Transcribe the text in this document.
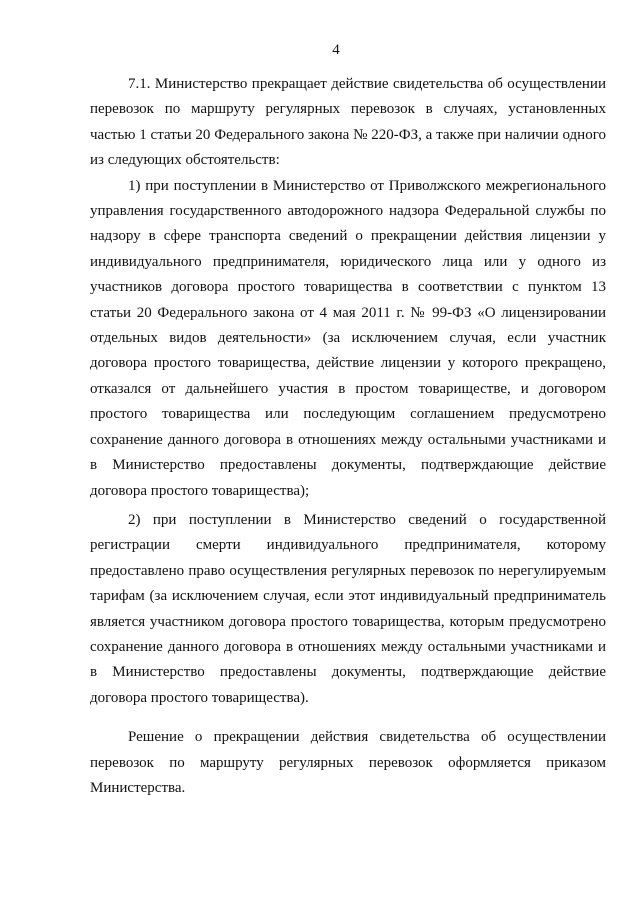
4

7.1. Министерство прекращает действие свидетельства об осуществлении перевозок по маршруту регулярных перевозок в случаях, установленных частью 1 статьи 20 Федерального закона № 220-ФЗ, а также при наличии одного из следующих обстоятельств:

1) при поступлении в Министерство от Приволжского межрегионального управления государственного автодорожного надзора Федеральной службы по надзору в сфере транспорта сведений о прекращении действия лицензии у индивидуального предпринимателя, юридического лица или у одного из участников договора простого товарищества в соответствии с пунктом 13 статьи 20 Федерального закона от 4 мая 2011 г. № 99-ФЗ «О лицензировании отдельных видов деятельности» (за исключением случая, если участник договора простого товарищества, действие лицензии у которого прекращено, отказался от дальнейшего участия в простом товариществе, и договором простого товарищества или последующим соглашением предусмотрено сохранение данного договора в отношениях между остальными участниками и в Министерство предоставлены документы, подтверждающие действие договора простого товарищества);

2) при поступлении в Министерство сведений о государственной регистрации смерти индивидуального предпринимателя, которому предоставлено право осуществления регулярных перевозок по нерегулируемым тарифам (за исключением случая, если этот индивидуальный предприниматель является участником договора простого товарищества, которым предусмотрено сохранение данного договора в отношениях между остальными участниками и в Министерство предоставлены документы, подтверждающие действие договора простого товарищества).

Решение о прекращении действия свидетельства об осуществлении перевозок по маршруту регулярных перевозок оформляется приказом Министерства.
